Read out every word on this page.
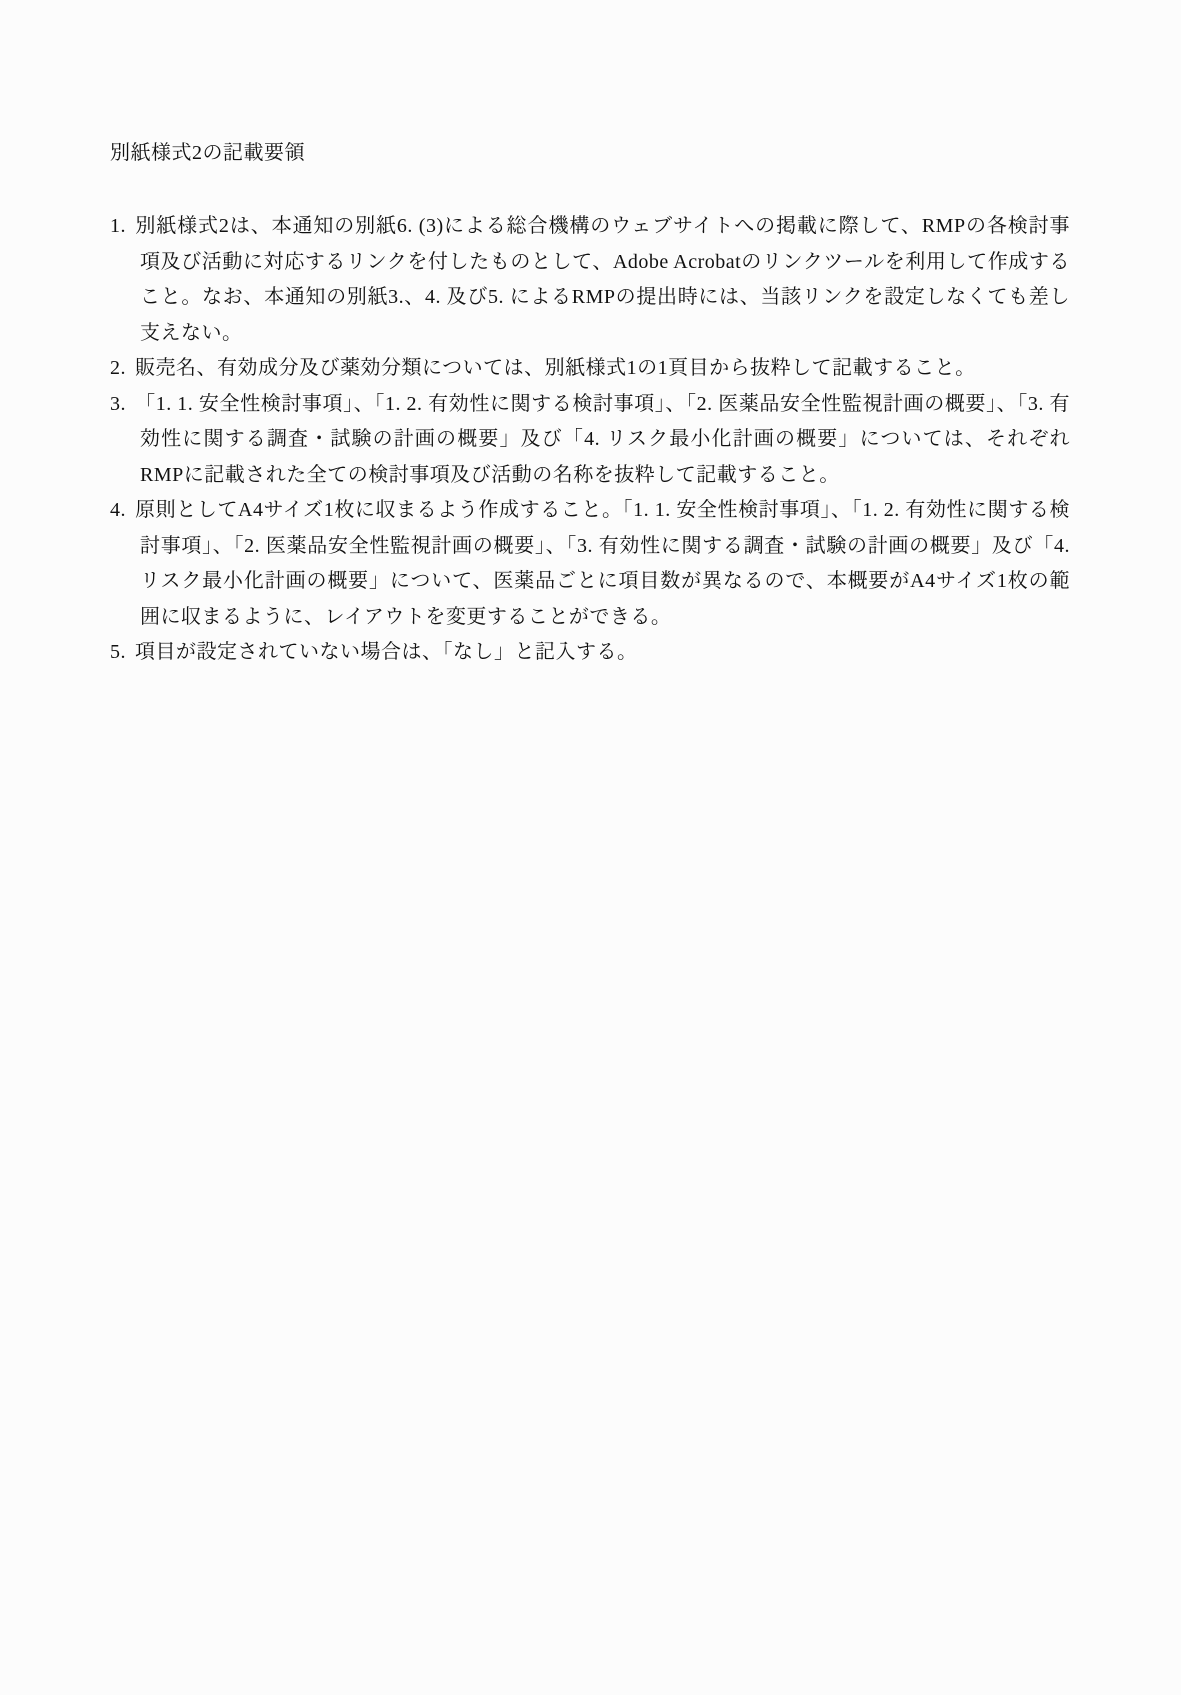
別紙様式2の記載要領
1. 別紙様式2は、本通知の別紙6. (3)による総合機構のウェブサイトへの掲載に際して、RMPの各検討事項及び活動に対応するリンクを付したものとして、Adobe Acrobatのリンクツールを利用して作成すること。なお、本通知の別紙3.、4. 及び5. によるRMPの提出時には、当該リンクを設定しなくても差し支えない。
2. 販売名、有効成分及び薬効分類については、別紙様式1の1頁目から抜粋して記載すること。
3. 「1. 1. 安全性検討事項」、「1. 2. 有効性に関する検討事項」、「2. 医薬品安全性監視計画の概要」、「3. 有効性に関する調査・試験の計画の概要」及び「4. リスク最小化計画の概要」については、それぞれRMPに記載された全ての検討事項及び活動の名称を抜粋して記載すること。
4. 原則としてA4サイズ1枚に収まるよう作成すること。「1. 1. 安全性検討事項」、「1. 2. 有効性に関する検討事項」、「2. 医薬品安全性監視計画の概要」、「3. 有効性に関する調査・試験の計画の概要」及び「4. リスク最小化計画の概要」について、医薬品ごとに項目数が異なるので、本概要がA4サイズ1枚の範囲に収まるように、レイアウトを変更することができる。
5. 項目が設定されていない場合は、「なし」と記入する。
